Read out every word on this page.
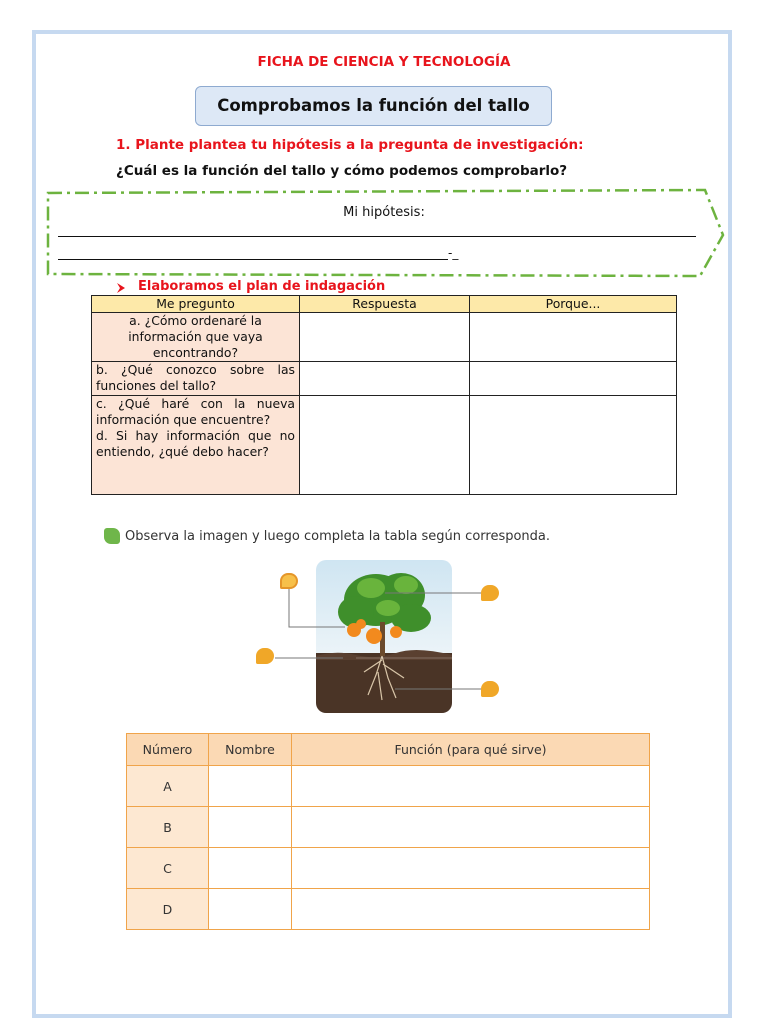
FICHA DE CIENCIA Y TECNOLOGÍA
Comprobamos la función del tallo
1. Plante plantea tu hipótesis a la pregunta de investigación:
¿Cuál es la función del tallo y cómo podemos comprobarlo?
Mi hipótesis:
-_
Elaboramos el plan de indagación
Me pregunto	Respuesta	Porque...
a. ¿Cómo ordenaré la información que vaya encontrando?		
b. ¿Qué conozco sobre las funciones del tallo?		

c. ¿Qué haré con la nueva información que encuentre?
d. Si hay información que no entiendo, ¿qué debo hacer?		

Observa la imagen y luego completa la tabla según corresponda.
Número	Nombre	Función (para qué sirve)
A		
B		
C		
D		
